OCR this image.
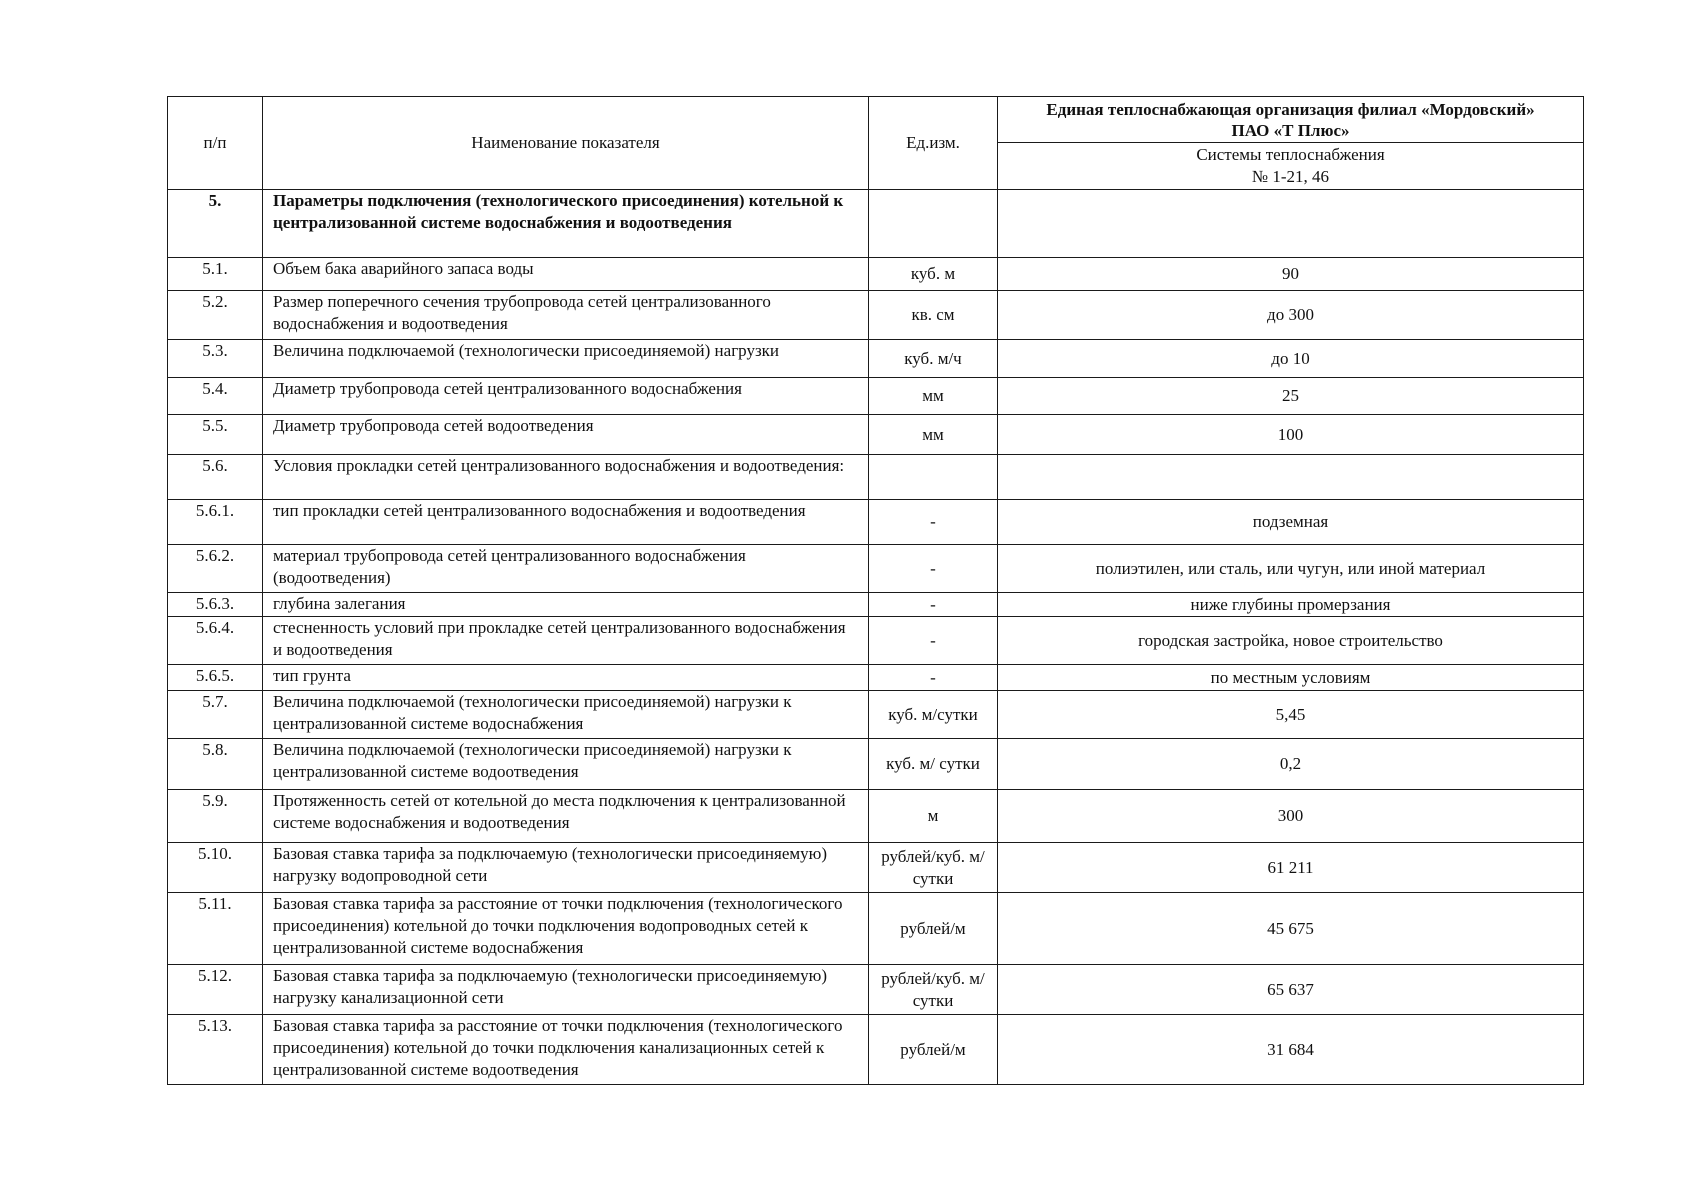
п/п	Наименование показателя	Ед.изм.	Единая теплоснабжающая организация филиал «Мордовский»
ПАО «Т Плюс»
			Системы теплоснабжения
№ 1-21, 46
5.	Параметры подключения (технологического присоединения) котельной к централизованной системе водоснабжения и водоотведения		
5.1.	Объем бака аварийного запаса воды	куб. м	90
5.2.	Размер поперечного сечения трубопровода сетей централизованного водоснабжения и водоотведения	кв. см	до 300
5.3.	Величина подключаемой (технологически присоединяемой) нагрузки	куб. м/ч	до 10
5.4.	Диаметр трубопровода сетей централизованного водоснабжения	мм	25
5.5.	Диаметр трубопровода сетей водоотведения	мм	100
5.6.	Условия прокладки сетей централизованного водоснабжения и водоотведения:		
5.6.1.	тип прокладки сетей централизованного водоснабжения и водоотведения	-	подземная
5.6.2.	материал трубопровода сетей централизованного водоснабжения (водоотведения)	-	полиэтилен, или сталь, или чугун, или иной материал
5.6.3.	глубина залегания	-	ниже глубины промерзания
5.6.4.	стесненность условий при прокладке сетей централизованного водоснабжения и водоотведения	-	городская застройка, новое строительство
5.6.5.	тип грунта	-	по местным условиям
5.7.	Величина подключаемой (технологически присоединяемой) нагрузки к централизованной системе водоснабжения	куб. м/сутки	5,45
5.8.	Величина подключаемой (технологически присоединяемой) нагрузки к централизованной системе водоотведения	куб. м/ сутки	0,2
5.9.	Протяженность сетей от котельной до места подключения к централизованной системе водоснабжения и водоотведения	м	300
5.10.	Базовая ставка тарифа за подключаемую (технологически присоединяемую) нагрузку водопроводной сети	рублей/куб. м/сутки	61 211
5.11.	Базовая ставка тарифа за расстояние от точки подключения (технологического присоединения) котельной до точки подключения водопроводных сетей к централизованной системе водоснабжения	рублей/м	45 675
5.12.	Базовая ставка тарифа за подключаемую (технологически присоединяемую) нагрузку канализационной сети	рублей/куб. м/сутки	65 637
5.13.	Базовая ставка тарифа за расстояние от точки подключения (технологического присоединения) котельной до точки подключения канализационных сетей к централизованной системе водоотведения	рублей/м	31 684
